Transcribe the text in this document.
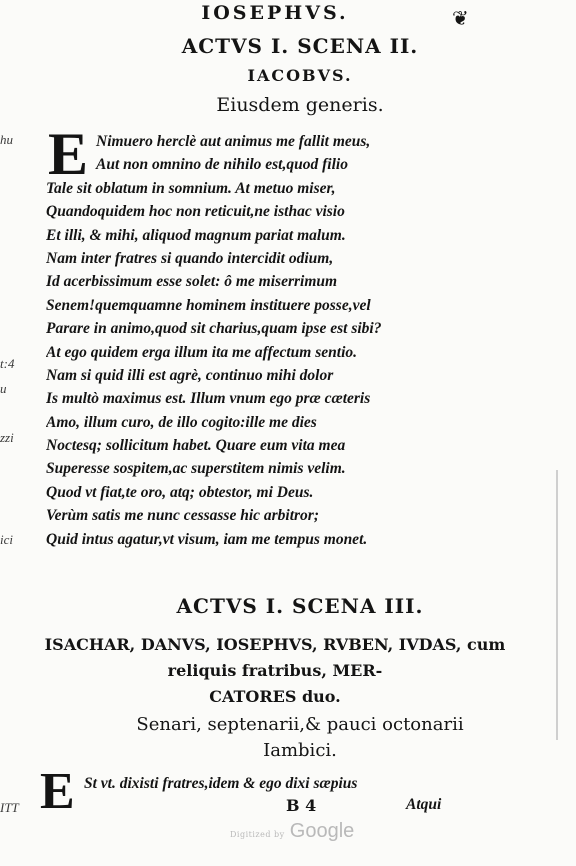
IOSEPHVS.	❦
ACTVS I. SCENA II.
IACOBVS.
Eiusdem generis.
E Nimuero herclè aut animus me fallit meus,
Aut non omnino de nihilo est,quod filio
Tale sit oblatum in somnium. At metuo miser,
Quandoquidem hoc non reticuit,ne isthac visio
Et illi, & mihi, aliquod magnum pariat malum.
Nam inter fratres si quando intercidit odium,
Id acerbissimum esse solet: ô me miserrimum
Senem!quemquamne hominem instituere posse,vel
Parare in animo,quod sit charius,quam ipse est sibi?
At ego quidem erga illum ita me affectum sentio.
Nam si quid illi est agrè, continuo mihi dolor
Is multò maximus est. Illum vnum ego præ cæteris
Amo, illum curo, de illo cogito:ille me dies
Noctesq; sollicitum habet. Quare eum vita mea
Superesse sospitem,ac superstitem nimis velim.
Quod vt fiat,te oro, atq; obtestor, mi Deus.
Verùm satis me nunc cessasse hic arbitror;
Quid intus agatur,vt visum, iam me tempus monet.
ACTVS I. SCENA III.
ISACHAR, DANVS, IOSEPHVS, RVBEN, IVDAS, cum reliquis fratribus, MER-
CATORES duo.
Senari, septenarii,& pauci octonarii
Iambici.
E St vt. dixisti fratres,idem & ego dixi sæpius
B 4	Atqui
hu
t:4
u
zzi
ici
ITT
Digitized by Google
